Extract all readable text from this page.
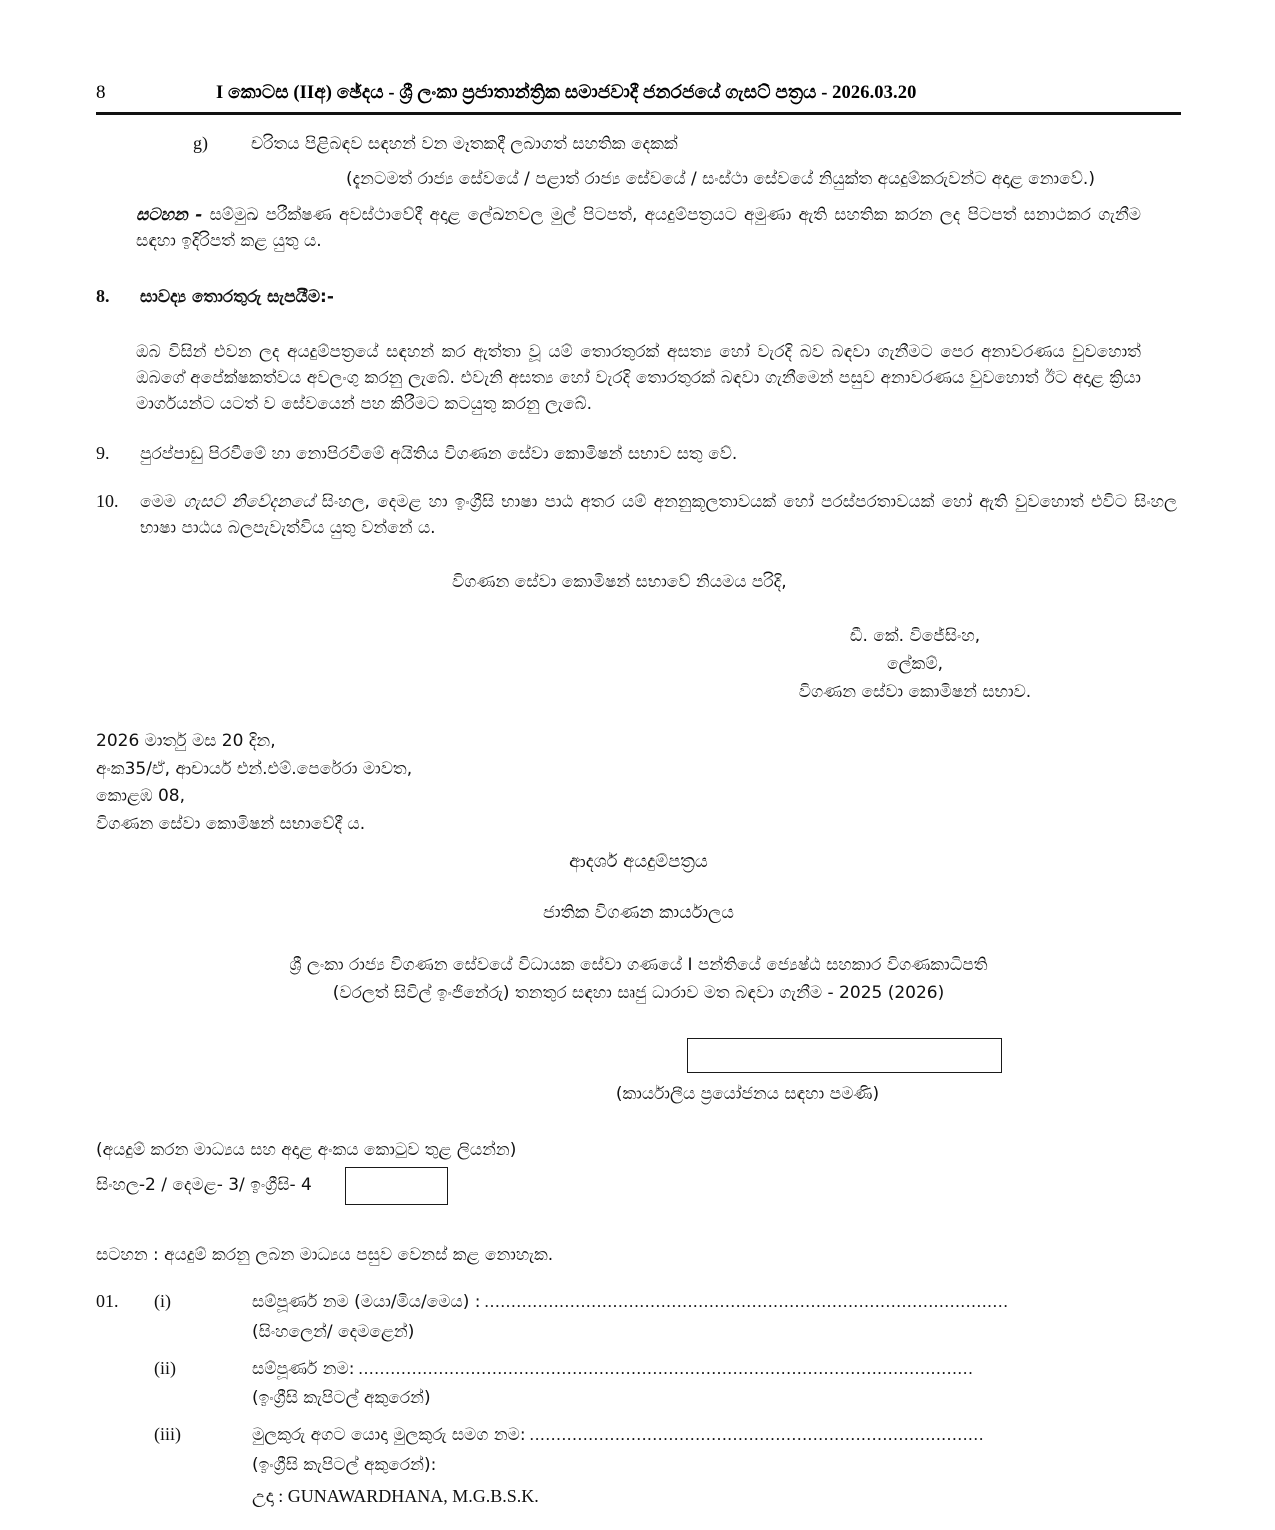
8	I කොටස (IIඅ) ඡේදය - ශ්‍රී ලංකා ප්‍රජාතාන්ත්‍රික සමාජවාදී ජනරජයේ ගැසට් පත්‍රය - 2026.03.20
g)	චරිතය පිළිබඳව සඳහන් වන මෑතකදී ලබාගත් සහතික දෙකක්
(දැනටමත් රාජ්‍ය සේවයේ / පළාත් රාජ්‍ය සේවයේ / සංස්ථා සේවයේ නියුක්ත අයදුම්කරුවන්ට අදාළ නොවේ.)
සටහන - සම්මුඛ පරීක්ෂණ අවස්ථාවේදී අදාළ ලේඛනවල මුල් පිටපත්, අයදුම්පත්‍රයට අමුණා ඇති සහතික කරන ලද පිටපත් සනාථකර ගැනීම සඳහා ඉදිරිපත් කළ යුතු ය.
8.	සාවද්‍ය තොරතුරු සැපයීම:-
ඔබ විසින් එවන ලද අයදුම්පත්‍රයේ සඳහන් කර ඇත්තා වූ යම් තොරතුරක් අසත්‍ය හෝ වැරදි බව බඳවා ගැනීමට පෙර අනාවරණය වුවහොත් ඔබගේ අපේක්ෂකත්වය අවලංගු කරනු ලැබේ. එවැනි අසත්‍ය හෝ වැරදි තොරතුරක් බඳවා ගැනීමෙන් පසුව අනාවරණය වුවහොත් ඊට අදාළ ක්‍රියා මාර්ගයන්ට යටත් ව සේවයෙන් පහ කිරීමට කටයුතු කරනු ලැබේ.
9.	පුරප්පාඩු පිරවීමේ හා නොපිරවීමේ අයිතිය විගණන සේවා කොමිෂන් සභාව සතු වේ.
10.	මෙම ගැසට් නිවේදනයේ සිංහල, දෙමළ හා ඉංග්‍රීසි භාෂා පාඨ අතර යම් අනනුකූලතාවයක් හෝ පරස්පරතාවයක් හෝ ඇති වුවහොත් එවිට සිංහල භාෂා පාඨය බලපැවැත්විය යුතු වන්නේ ය.
විගණන සේවා කොමිෂන් සභාවේ නියමය පරිදි,
ඩී. කේ. විජේසිංහ,
ලේකම්,
විගණන සේවා කොමිෂන් සභාව.
2026 මාර්තු මස 20 දින,
අංක35/ඒ, ආචාර්ය එන්.එම්.පෙරේරා මාවත,
කොළඹ 08,
විගණන සේවා කොමිෂන් සභාවේදී ය.
ආදර්ශ අයදුම්පත්‍රය
ජාතික විගණන කාර්යාලය
ශ්‍රී ලංකා රාජ්‍ය විගණන සේවයේ විධායක සේවා ගණයේ I පන්තියේ ජ්‍යෙෂ්ඨ සහකාර විගණකාධිපති
(වරලත් සිවිල් ඉංජිනේරු) තනතුර සඳහා සෘජු ධාරාව මත බඳවා ගැනීම - 2025 (2026)
(කාර්යාලීය ප්‍රයෝජනය සඳහා පමණි)
(අයදුම් කරන මාධ්‍යය සහ අදාළ අංකය කොටුව තුළ ලියන්න)
සිංහල-2 / දෙමළ- 3/ ඉංග්‍රීසි- 4
සටහන : අයදුම් කරනු ලබන මාධ්‍යය පසුව වෙනස් කළ නොහැක.
01.	(i)	සම්පූර්ණ නම (මයා/මිය/මෙය) : ..................................................................................................
(සිංහලෙන්/ දෙමළෙන්)
(ii)	සම්පූර්ණ නම: ...................................................................................................................
(ඉංග්‍රීසි කැපිටල් අකුරෙන්)
(iii)	මුලකුරු අගට යොදා මුලකුරු සමග නම: .....................................................................................
(ඉංග්‍රීසි කැපිටල් අකුරෙන්):
උදා : GUNAWARDHANA, M.G.B.S.K.
